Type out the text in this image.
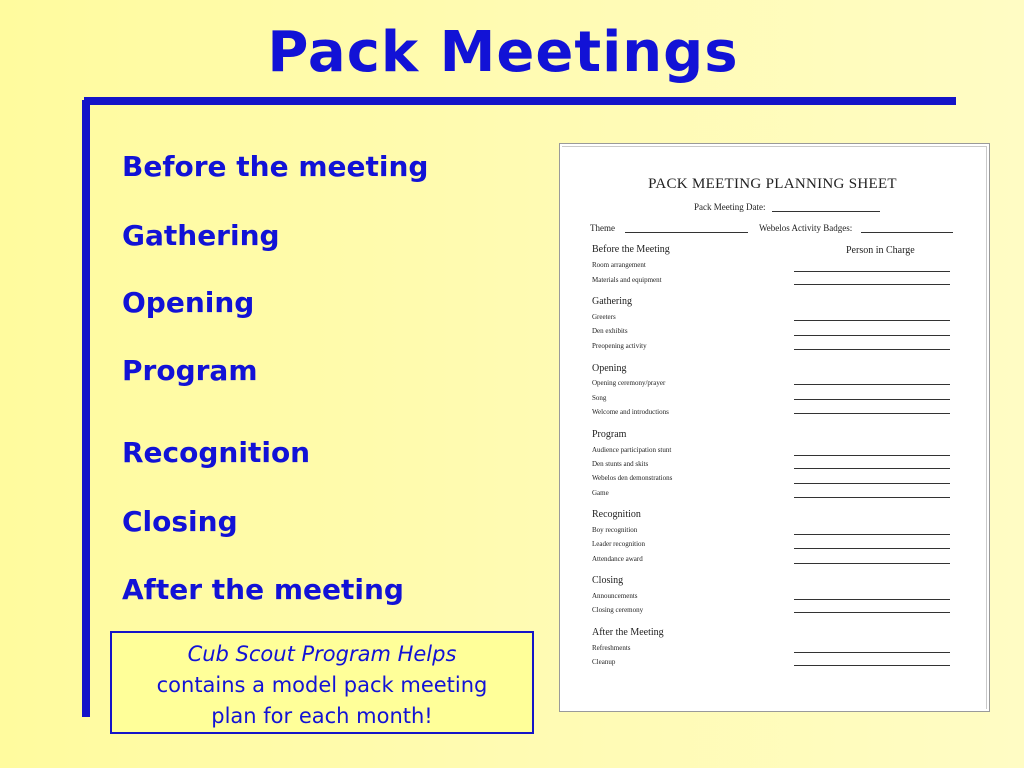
Pack Meetings
Before the meeting
Gathering
Opening
Program
Recognition
Closing
After the meeting
Cub Scout Program Helps
contains a model pack meeting
plan for each month!
PACK MEETING PLANNING SHEET
Pack Meeting Date:
Theme	Webelos Activity Badges:
Person in Charge
Before the Meeting
Room arrangement
Materials and equipment
Gathering
Greeters
Den exhibits
Preopening activity
Opening
Opening ceremony/prayer
Song
Welcome and introductions
Program
Audience participation stunt
Den stunts and skits
Webelos den demonstrations
Game
Recognition
Boy recognition
Leader recognition
Attendance award
Closing
Announcements
Closing ceremony
After the Meeting
Refreshments
Cleanup
